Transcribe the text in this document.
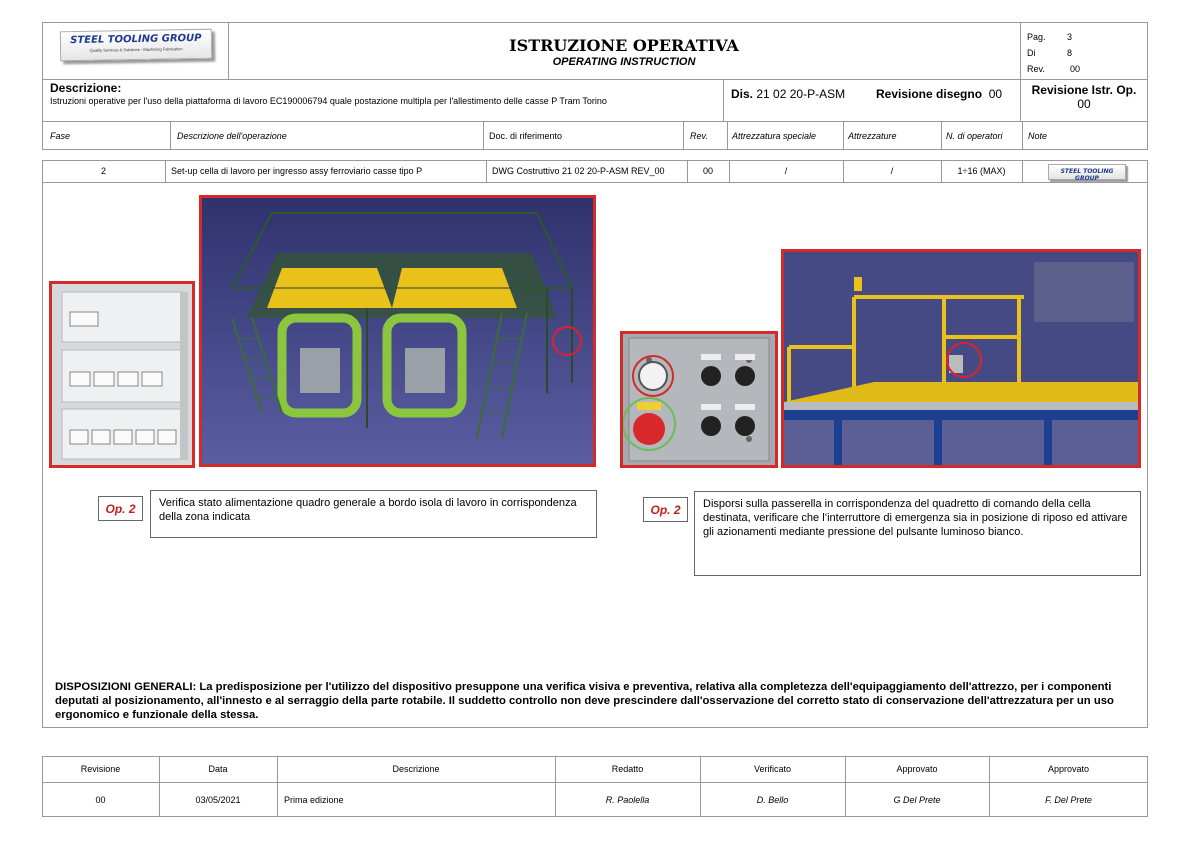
STEEL TOOLING GROUP
Quality Services & Solutions - Machining Fabrication	ISTRUZIONE OPERATIVA
OPERATING INSTRUCTION
Pag. 3
Di	8
Rev.	00
Descrizione:
Istruzioni operative per l'uso della piattaforma di lavoro EC190006794 quale postazione multipla per l'allestimento delle casse P Tram Torino	Dis. 21 02 20-P-ASM	Revisione disegno 00	Revisione Istr. Op.
00
Fase	Descrizione dell'operazione	Doc. di riferimento	Rev.	Attrezzatura speciale	Attrezzature	N. di operatori	Note
2	Set-up cella di lavoro per ingresso assy ferroviario casse tipo P	DWG Costruttivo 21 02 20-P-ASM REV_00	00	/	/	1÷16 (MAX)	STEEL TOOLING GROUP
Op. 2	Verifica stato alimentazione quadro generale a bordo isola di lavoro in corrispondenza della zona indicata
Op. 2	Disporsi sulla passerella in corrispondenza del quadretto di comando della cella destinata, verificare che l’interruttore di emergenza sia in posizione di riposo ed attivare gli azionamenti mediante pressione del pulsante luminoso bianco.
DISPOSIZIONI GENERALI: La predisposizione per l'utilizzo del dispositivo presuppone una verifica visiva e preventiva, relativa alla completezza dell'equipaggiamento dell'attrezzo, per i componenti deputati al posizionamento, all'innesto e al serraggio della parte rotabile. Il suddetto controllo non deve prescindere dall'osservazione del corretto stato di conservazione dell'attrezzatura per un uso ergonomico e funzionale della stessa.
Revisione	Data	Descrizione	Redatto	Verificato	Approvato	Approvato
00	03/05/2021	Prima edizione	R. Paolella	D. Bello	G Del Prete	F. Del Prete
